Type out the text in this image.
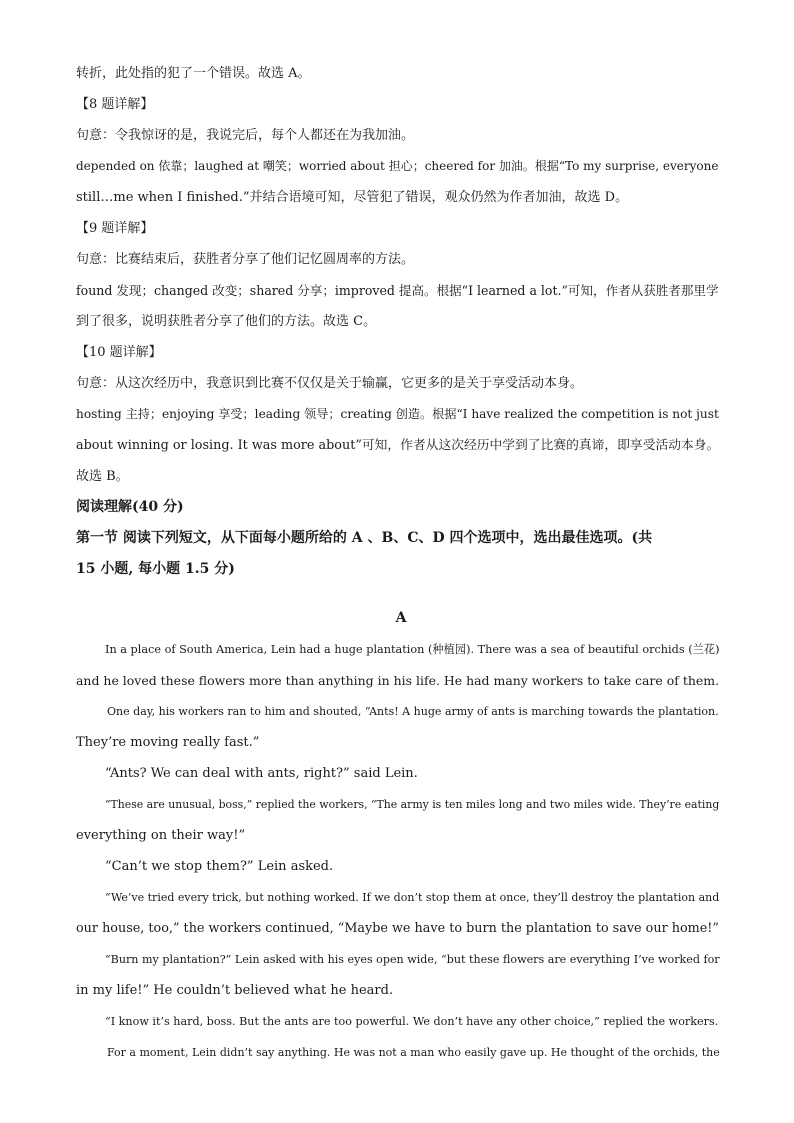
转折，此处指的犯了一个错误。故选 A。
【8 题详解】
句意：令我惊讶的是，我说完后，每个人都还在为我加油。
depended on 依靠；laughed at 嘲笑；worried about 担心；cheered for 加油。根据“To my surprise, everyone
still…me when I finished.”并结合语境可知，尽管犯了错误，观众仍然为作者加油，故选 D。
【9 题详解】
句意：比赛结束后，获胜者分享了他们记忆圆周率的方法。
found 发现；changed 改变；shared 分享；improved 提高。根据“I learned a lot.”可知，作者从获胜者那里学
到了很多，说明获胜者分享了他们的方法。故选 C。
【10 题详解】
句意：从这次经历中，我意识到比赛不仅仅是关于输赢，它更多的是关于享受活动本身。
hosting 主持；enjoying 享受；leading 领导；creating 创造。根据“I have realized the competition is not just
about winning or losing. It was more about”可知，作者从这次经历中学到了比赛的真谛，即享受活动本身。
故选 B。
阅读理解(40 分)
第一节 阅读下列短文，从下面每小题所给的 A 、B、C、D 四个选项中，选出最佳选项。(共
15 小题, 每小题 1.5 分)
A
In a place of South America, Lein had a huge plantation (种植园). There was a sea of beautiful orchids (兰花)
and he loved these flowers more than anything in his life. He had many workers to take care of them.
One day, his workers ran to him and shouted, “Ants! A huge army of ants is marching towards the plantation.
They’re moving really fast.”
“Ants? We can deal with ants, right?” said Lein.
“These are unusual, boss,” replied the workers, “The army is ten miles long and two miles wide. They’re eating
everything on their way!”
“Can’t we stop them?” Lein asked.
“We’ve tried every trick, but nothing worked. If we don’t stop them at once, they’ll destroy the plantation and
our house, too,” the workers continued, “Maybe we have to burn the plantation to save our home!”
“Burn my plantation?” Lein asked with his eyes open wide, “but these flowers are everything I’ve worked for
in my life!” He couldn’t believed what he heard.
“I know it’s hard, boss. But the ants are too powerful. We don’t have any other choice,” replied the workers.
For a moment, Lein didn’t say anything. He was not a man who easily gave up. He thought of the orchids, the
